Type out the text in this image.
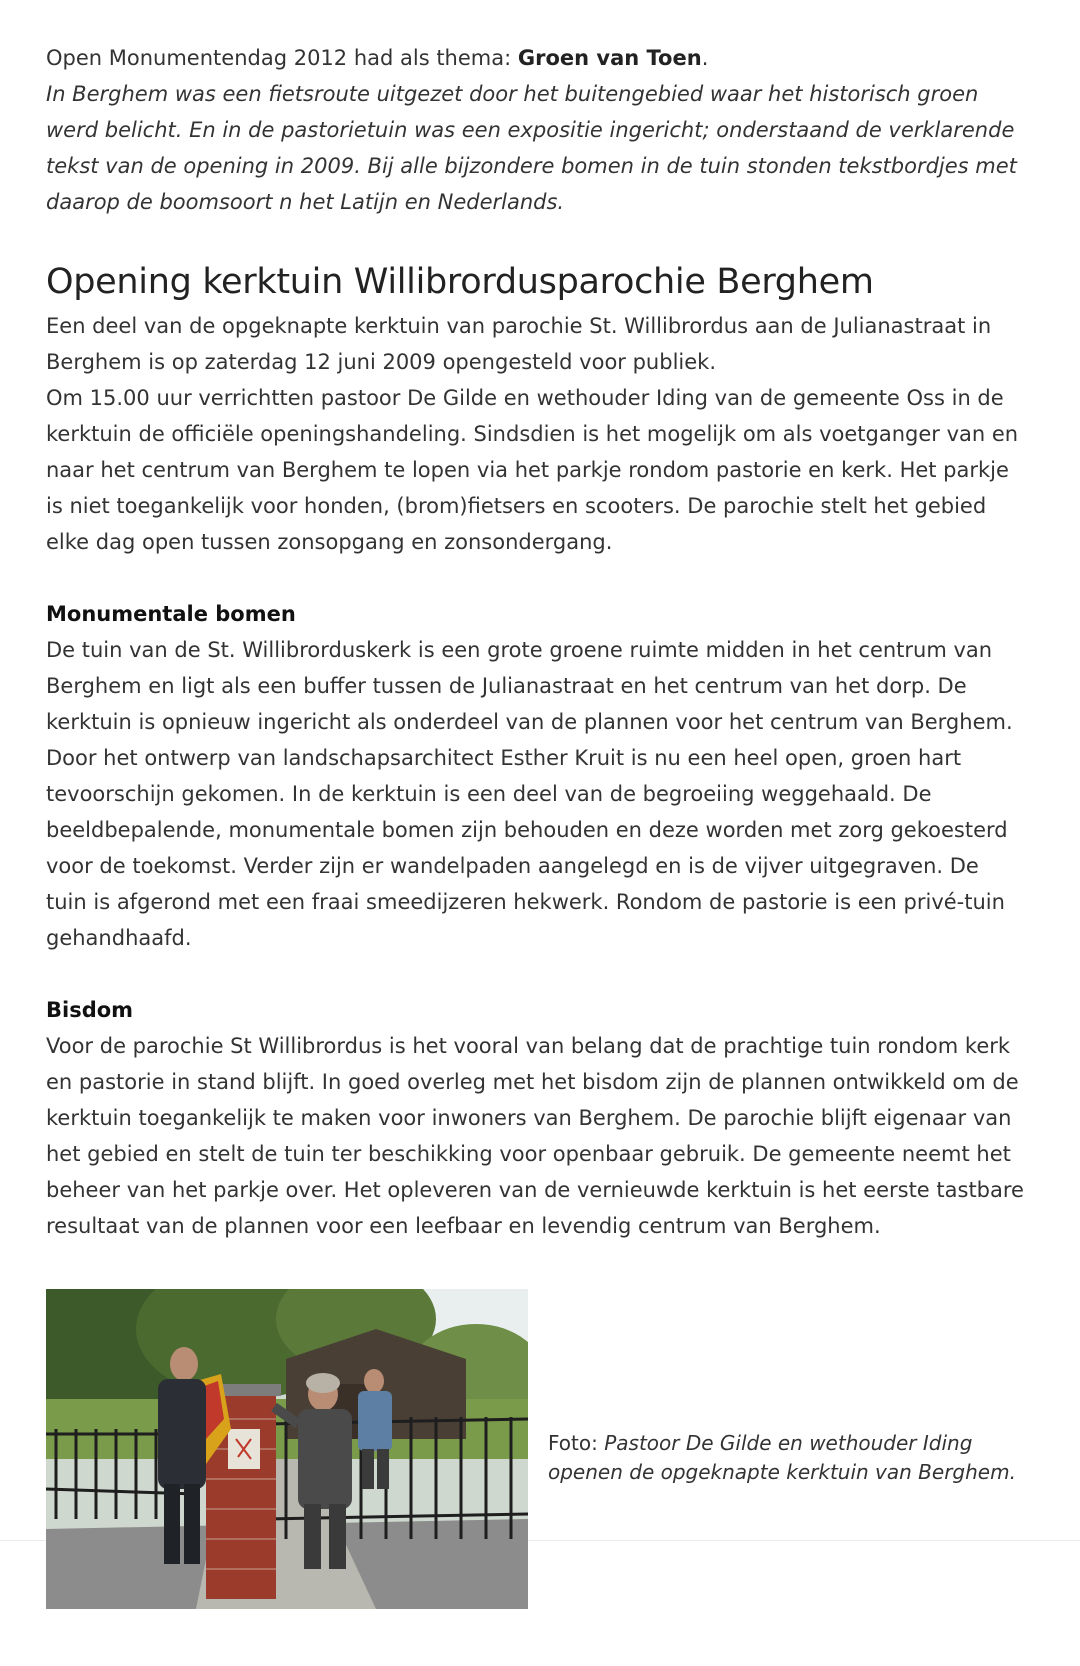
Open Monumentendag 2012 had als thema: Groen van Toen.

In Berghem was een fietsroute uitgezet door het buitengebied waar het historisch groen werd belicht. En in de pastorietuin was een expositie ingericht; onderstaand de verklarende tekst van de opening in 2009. Bij alle bijzondere bomen in de tuin stonden tekstbordjes met daarop de boomsoort n het Latijn en Nederlands.

Opening kerktuin Willibrordusparochie Berghem

Een deel van de opgeknapte kerktuin van parochie St. Willibrordus aan de Julianastraat in Berghem is op zaterdag 12 juni 2009 opengesteld voor publiek.

Om 15.00 uur verrichtten pastoor De Gilde en wethouder Iding van de gemeente Oss in de kerktuin de officiële openingshandeling. Sindsdien is het mogelijk om als voetganger van en naar het centrum van Berghem te lopen via het parkje rondom pastorie en kerk. Het parkje is niet toegankelijk voor honden, (brom)fietsers en scooters. De parochie stelt het gebied elke dag open tussen zonsopgang en zonsondergang.

Monumentale bomen

De tuin van de St. Willibrorduskerk is een grote groene ruimte midden in het centrum van Berghem en ligt als een buffer tussen de Julianastraat en het centrum van het dorp. De kerktuin is opnieuw ingericht als onderdeel van de plannen voor het centrum van Berghem. Door het ontwerp van landschapsarchitect Esther Kruit is nu een heel open, groen hart tevoorschijn gekomen. In de kerktuin is een deel van de begroeiing weggehaald. De beeldbepalende, monumentale bomen zijn behouden en deze worden met zorg gekoesterd voor de toekomst. Verder zijn er wandelpaden aangelegd en is de vijver uitgegraven. De tuin is afgerond met een fraai smeedijzeren hekwerk. Rondom de pastorie is een privé-tuin gehandhaafd.

Bisdom

Voor de parochie St Willibrordus is het vooral van belang dat de prachtige tuin rondom kerk en pastorie in stand blijft. In goed overleg met het bisdom zijn de plannen ontwikkeld om de kerktuin toegankelijk te maken voor inwoners van Berghem. De parochie blijft eigenaar van het gebied en stelt de tuin ter beschikking voor openbaar gebruik. De gemeente neemt het beheer van het parkje over. Het opleveren van de vernieuwde kerktuin is het eerste tastbare resultaat van de plannen voor een leefbaar en levendig centrum van Berghem.

Foto: Pastoor De Gilde en wethouder Iding openen de opgeknapte kerktuin van Berghem.
